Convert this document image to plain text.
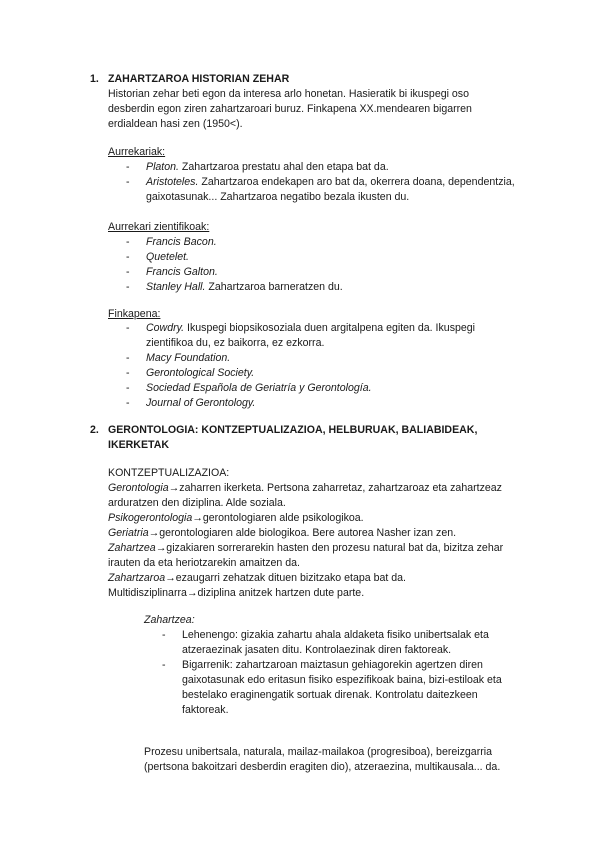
1. ZAHARTZAROA HISTORIAN ZEHAR
Historian zehar beti egon da interesa arlo honetan. Hasieratik bi ikuspegi oso desberdin egon ziren zahartzaroari buruz. Finkapena XX.mendearen bigarren erdialdean hasi zen (1950<).
Aurrekariak:
- Platon. Zahartzaroa prestatu ahal den etapa bat da.
- Aristoteles. Zahartzaroa endekapen aro bat da, okerrera doana, dependentzia, gaixotasunak... Zahartzaroa negatibo bezala ikusten du.
Aurrekari zientifikoak:
- Francis Bacon.
- Quetelet.
- Francis Galton.
- Stanley Hall. Zahartzaroa barneratzen du.
Finkapena:
- Cowdry. Ikuspegi biopsikosoziala duen argitalpena egiten da. Ikuspegi zientifikoa du, ez baikorra, ez ezkorra.
- Macy Foundation.
- Gerontological Society.
- Sociedad Española de Geriatría y Gerontología.
- Journal of Gerontology.
2. GERONTOLOGIA: KONTZEPTUALIZAZIOA, HELBURUAK, BALIABIDEAK, IKERKETAK
KONTZEPTUALIZAZIOA:
Gerontologia→zaharren ikerketa. Pertsona zaharretaz, zahartzaroaz eta zahartzeaz arduratzen den diziplina. Alde soziala.
Psikogerontologia→gerontologiaren alde psikologikoa.
Geriatria→gerontologiaren alde biologikoa. Bere autorea Nasher izan zen.
Zahartzea→gizakiaren sorrerarekin hasten den prozesu natural bat da, bizitza zehar irauten da eta heriotzarekin amaitzen da.
Zahartzaroa→ezaugarri zehatzak dituen bizitzako etapa bat da.
Multidisziplinarra→diziplina anitzek hartzen dute parte.
Zahartzea:
- Lehenengo: gizakia zahartu ahala aldaketa fisiko unibertsalak eta atzeraezinak jasaten ditu. Kontrolaezinak diren faktoreak.
- Bigarrenik: zahartzaroan maiztasun gehiagorekin agertzen diren gaixotasunak edo eritasun fisiko espezifikoak baina, bizi-estiloak eta bestelako eraginengatik sortuak direnak. Kontrolatu daitezkeen faktoreak.
Prozesu unibertsala, naturala, mailaz-mailakoa (progresiboa), bereizgarria (pertsona bakoitzari desberdin eragiten dio), atzeraezina, multikausala... da.
